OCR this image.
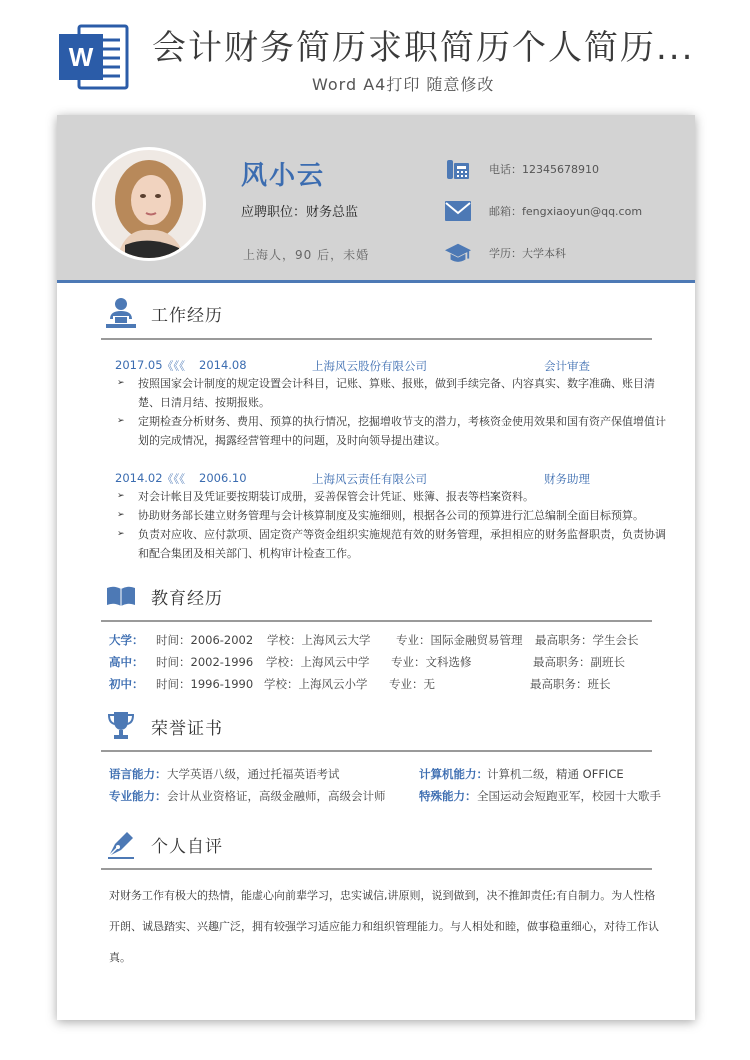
W 会计财务简历求职简历个人简历...
Word A4打印 随意修改
风小云
应聘职位：财务总监
上海人，90 后，未婚
电话：12345678910
邮箱：fengxiaoyun@qq.com
学历：大学本科
工作经历
2017.05 《《《 2014.08	上海风云股份有限公司	会计审查
➢	按照国家会计制度的规定设置会计科目，记账、算账、报账，做到手续完备、内容真实、数字准确、账目清楚、日清月结、按期报账。
➢	定期检查分析财务、费用、预算的执行情况，挖掘增收节支的潜力，考核资金使用效果和国有资产保值增值计划的完成情况，揭露经营管理中的问题，及时向领导提出建议。
2014.02 《《《 2006.10	上海风云责任有限公司	财务助理
➢	对会计帐目及凭证要按期装订成册，妥善保管会计凭证、账簿、报表等档案资料。
➢	协助财务部长建立财务管理与会计核算制度及实施细则，根据各公司的预算进行汇总编制全面目标预算。
➢	负责对应收、应付款项、固定资产等资金组织实施规范有效的财务管理，承担相应的财务监督职责，负责协调和配合集团及相关部门、机构审计检查工作。
教育经历
大学： 时间：2006-2002 学校：上海风云大学 专业：国际金融贸易管理 最高职务：学生会长
高中： 时间：2002-1996 学校：上海风云中学 专业：文科选修	最高职务：副班长
初中： 时间：1996-1990 学校：上海风云小学 专业：无	最高职务：班长
荣誉证书
语言能力： 大学英语八级，通过托福英语考试	计算机能力： 计算机二级，精通 OFFICE
专业能力： 会计从业资格证，高级金融师，高级会计师	特殊能力： 全国运动会短跑亚军，校园十大歌手
个人自评
对财务工作有极大的热情，能虚心向前辈学习，忠实诚信,讲原则，说到做到，决不推卸责任;有自制力。为人性格开朗、诚恳踏实、兴趣广泛，拥有较强学习适应能力和组织管理能力。与人相处和睦，做事稳重细心，对待工作认真。
